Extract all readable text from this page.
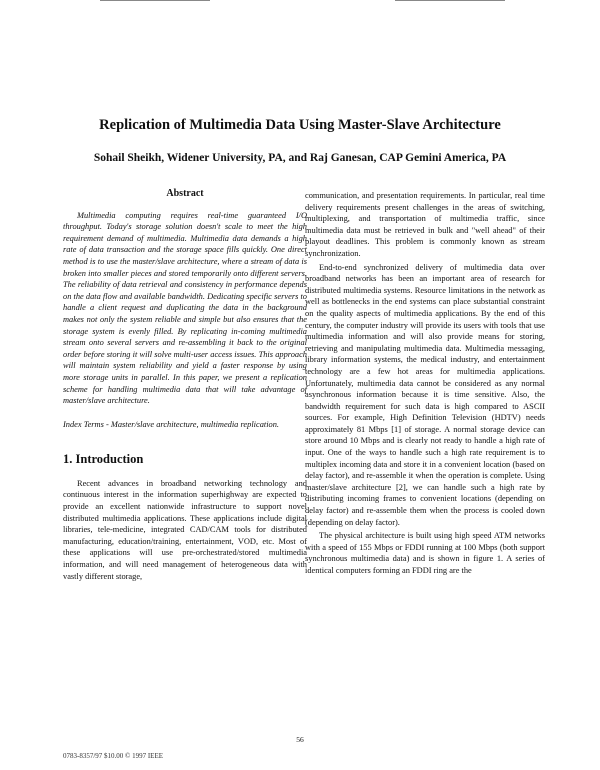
Replication of Multimedia Data Using Master-Slave Architecture
Sohail Sheikh, Widener University, PA, and Raj Ganesan, CAP Gemini America, PA
Abstract

Multimedia computing requires real-time guaranteed I/O throughput. Today's storage solution doesn't scale to meet the high requirement demand of multimedia. Multimedia data demands a high rate of data transaction and the storage space fills quickly. One direct method is to use the master/slave architecture, where a stream of data is broken into smaller pieces and stored temporarily onto different servers. The reliability of data retrieval and consistency in performance depends on the data flow and available bandwidth. Dedicating specific servers to handle a client request and duplicating the data in the background makes not only the system reliable and simple but also ensures that the storage system is evenly filled. By replicating in-coming multimedia stream onto several servers and re-assembling it back to the original order before storing it will solve multi-user access issues. This approach will maintain system reliability and yield a faster response by using more storage units in parallel. In this paper, we present a replication scheme for handling multimedia data that will take advantage of master/slave architecture.

Index Terms - Master/slave architecture, multimedia replication.

1. Introduction

Recent advances in broadband networking technology and continuous interest in the information superhighway are expected to provide an excellent nationwide infrastructure to support novel distributed multimedia applications. These applications include digital libraries, tele-medicine, integrated CAD/CAM tools for distributed manufacturing, education/training, entertainment, VOD, etc. Most of these applications will use pre-orchestrated/stored multimedia information, and will need management of heterogeneous data with vastly different storage,

communication, and presentation requirements. In particular, real time delivery requirements present challenges in the areas of switching, multiplexing, and transportation of multimedia traffic, since multimedia data must be retrieved in bulk and "well ahead" of their playout deadlines. This problem is commonly known as stream synchronization.

End-to-end synchronized delivery of multimedia data over broadband networks has been an important area of research for distributed multimedia systems. Resource limitations in the network as well as bottlenecks in the end systems can place substantial constraint on the quality aspects of multimedia applications. By the end of this century, the computer industry will provide its users with tools that use multimedia information and will also provide means for storing, retrieving and manipulating multimedia data. Multimedia messaging, library information systems, the medical industry, and entertainment technology are a few hot areas for multimedia applications. Unfortunately, multimedia data cannot be considered as any normal asynchronous information because it is time sensitive. Also, the bandwidth requirement for such data is high compared to ASCII sources. For example, High Definition Television (HDTV) needs approximately 81 Mbps [1] of storage. A normal storage device can store around 10 Mbps and is clearly not ready to handle a high rate of input. One of the ways to handle such a high rate requirement is to multiplex incoming data and store it in a convenient location (based on delay factor), and re-assemble it when the operation is complete. Using master/slave architecture [2], we can handle such a high rate by distributing incoming frames to convenient locations (depending on delay factor) and re-assemble them when the process is cooled down (depending on delay factor).

The physical architecture is built using high speed ATM networks with a speed of 155 Mbps or FDDI running at 100 Mbps (both support synchronous multimedia data) and is shown in figure 1. A series of identical computers forming an FDDI ring are the

56
0783-8357/97 $10.00 © 1997 IEEE
